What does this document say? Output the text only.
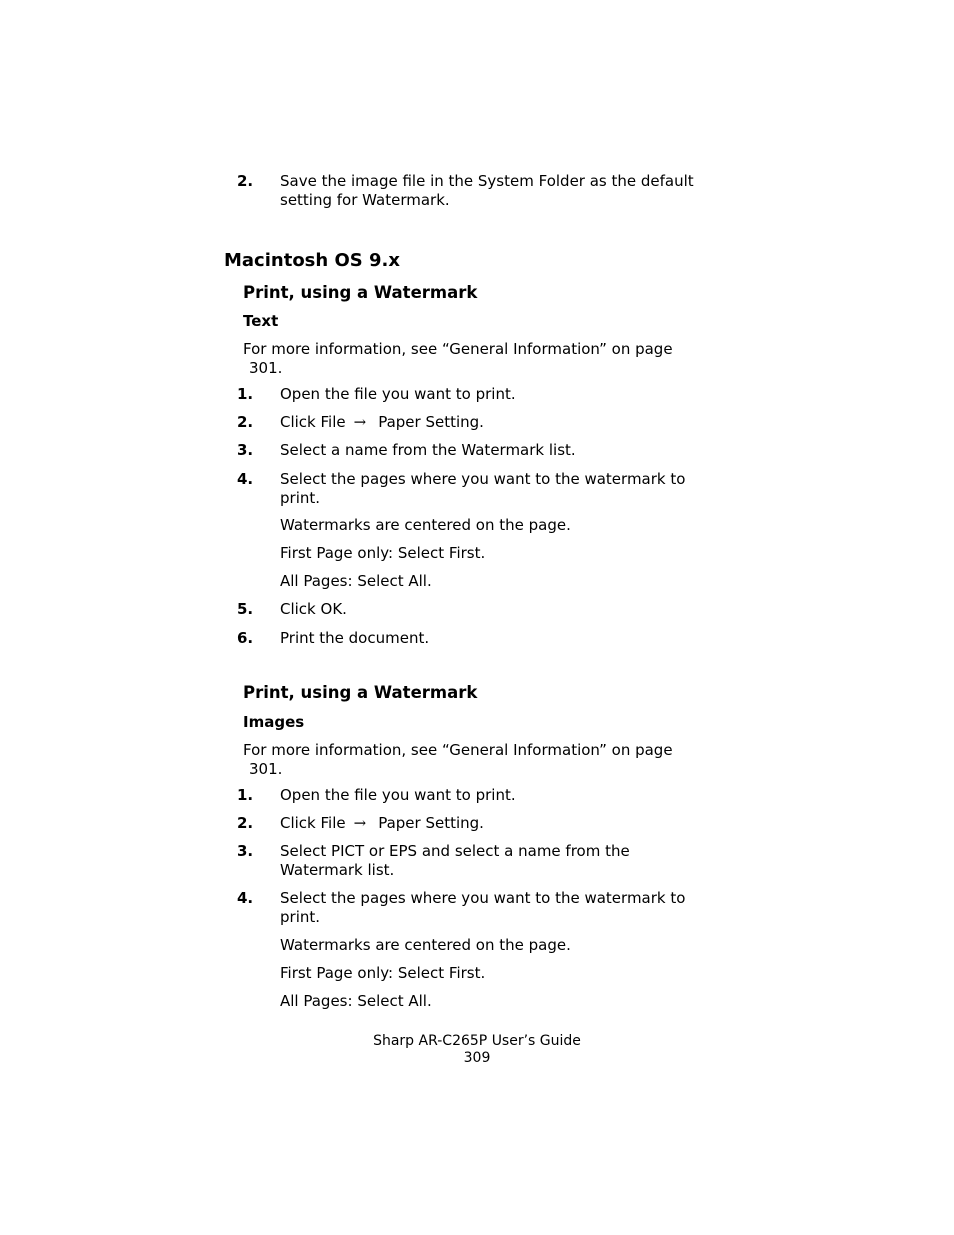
2. Save the image file in the System Folder as the default setting for Watermark.
Macintosh OS 9.x
Print, using a Watermark
Text
For more information, see “General Information” on page
301.
1. Open the file you want to print.
2. Click File → Paper Setting.
3. Select a name from the Watermark list.
4. Select the pages where you want to the watermark to print.
Watermarks are centered on the page.
First Page only: Select First.
All Pages: Select All.
5. Click OK.
6. Print the document.
Print, using a Watermark
Images
For more information, see “General Information” on page
301.
1. Open the file you want to print.
2. Click File → Paper Setting.
3. Select PICT or EPS and select a name from the Watermark list.
4. Select the pages where you want to the watermark to print.
Watermarks are centered on the page.
First Page only: Select First.
All Pages: Select All.
Sharp AR-C265P User’s Guide
309
